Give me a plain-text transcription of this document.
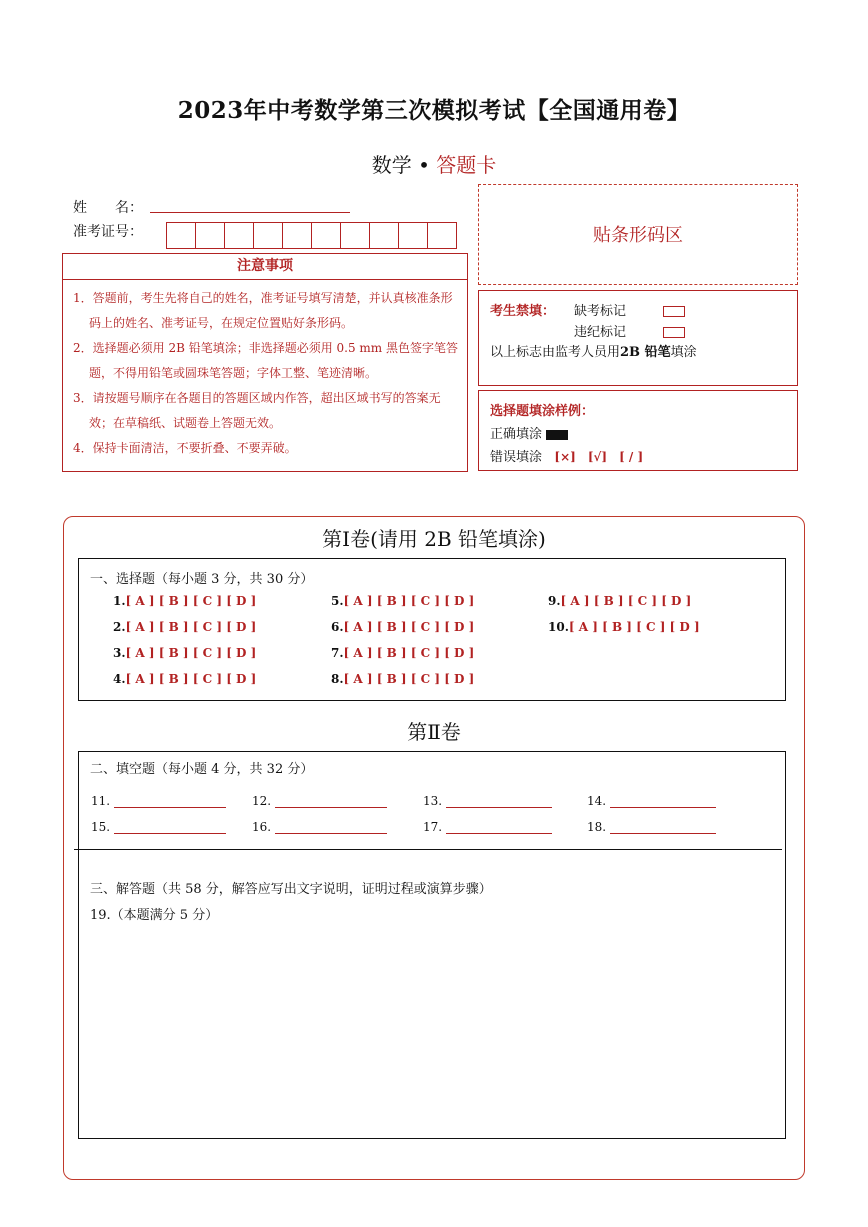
2023年中考数学第三次模拟考试【全国通用卷】
数学 • 答题卡
姓　　名：
准考证号：
注意事项
1．答题前，考生先将自己的姓名，准考证号填写清楚，并认真核准条形码上的姓名、准考证号，在规定位置贴好条形码。
2．选择题必须用 2B 铅笔填涂；非选择题必须用 0.5 mm 黑色签字笔答题，不得用铅笔或圆珠笔答题；字体工整、笔迹清晰。
3．请按题号顺序在各题目的答题区域内作答，超出区域书写的答案无效；在草稿纸、试题卷上答题无效。
4．保持卡面清洁，不要折叠、不要弄破。
贴条形码区
考生禁填： 缺考标记
违纪标记
以上标志由监考人员用2B 铅笔填涂
选择题填涂样例：
正确填涂
错误填涂 [×]　[√]　[ / ]
第Ⅰ卷(请用 2B 铅笔填涂)
一、选择题（每小题 3 分，共 30 分）
1.[ A ] [ B ] [ C ] [ D ]
2.[ A ] [ B ] [ C ] [ D ]
3.[ A ] [ B ] [ C ] [ D ]
4.[ A ] [ B ] [ C ] [ D ]
5.[ A ] [ B ] [ C ] [ D ]
6.[ A ] [ B ] [ C ] [ D ]
7.[ A ] [ B ] [ C ] [ D ]
8.[ A ] [ B ] [ C ] [ D ]
9.[ A ] [ B ] [ C ] [ D ]
10.[ A ] [ B ] [ C ] [ D ]
第Ⅱ卷
二、填空题（每小题 4 分，共 32 分）
11.	12.	13.	14.
15.	16.	17.	18.
三、解答题（共 58 分，解答应写出文字说明，证明过程或演算步骤）
19.（本题满分 5 分）
